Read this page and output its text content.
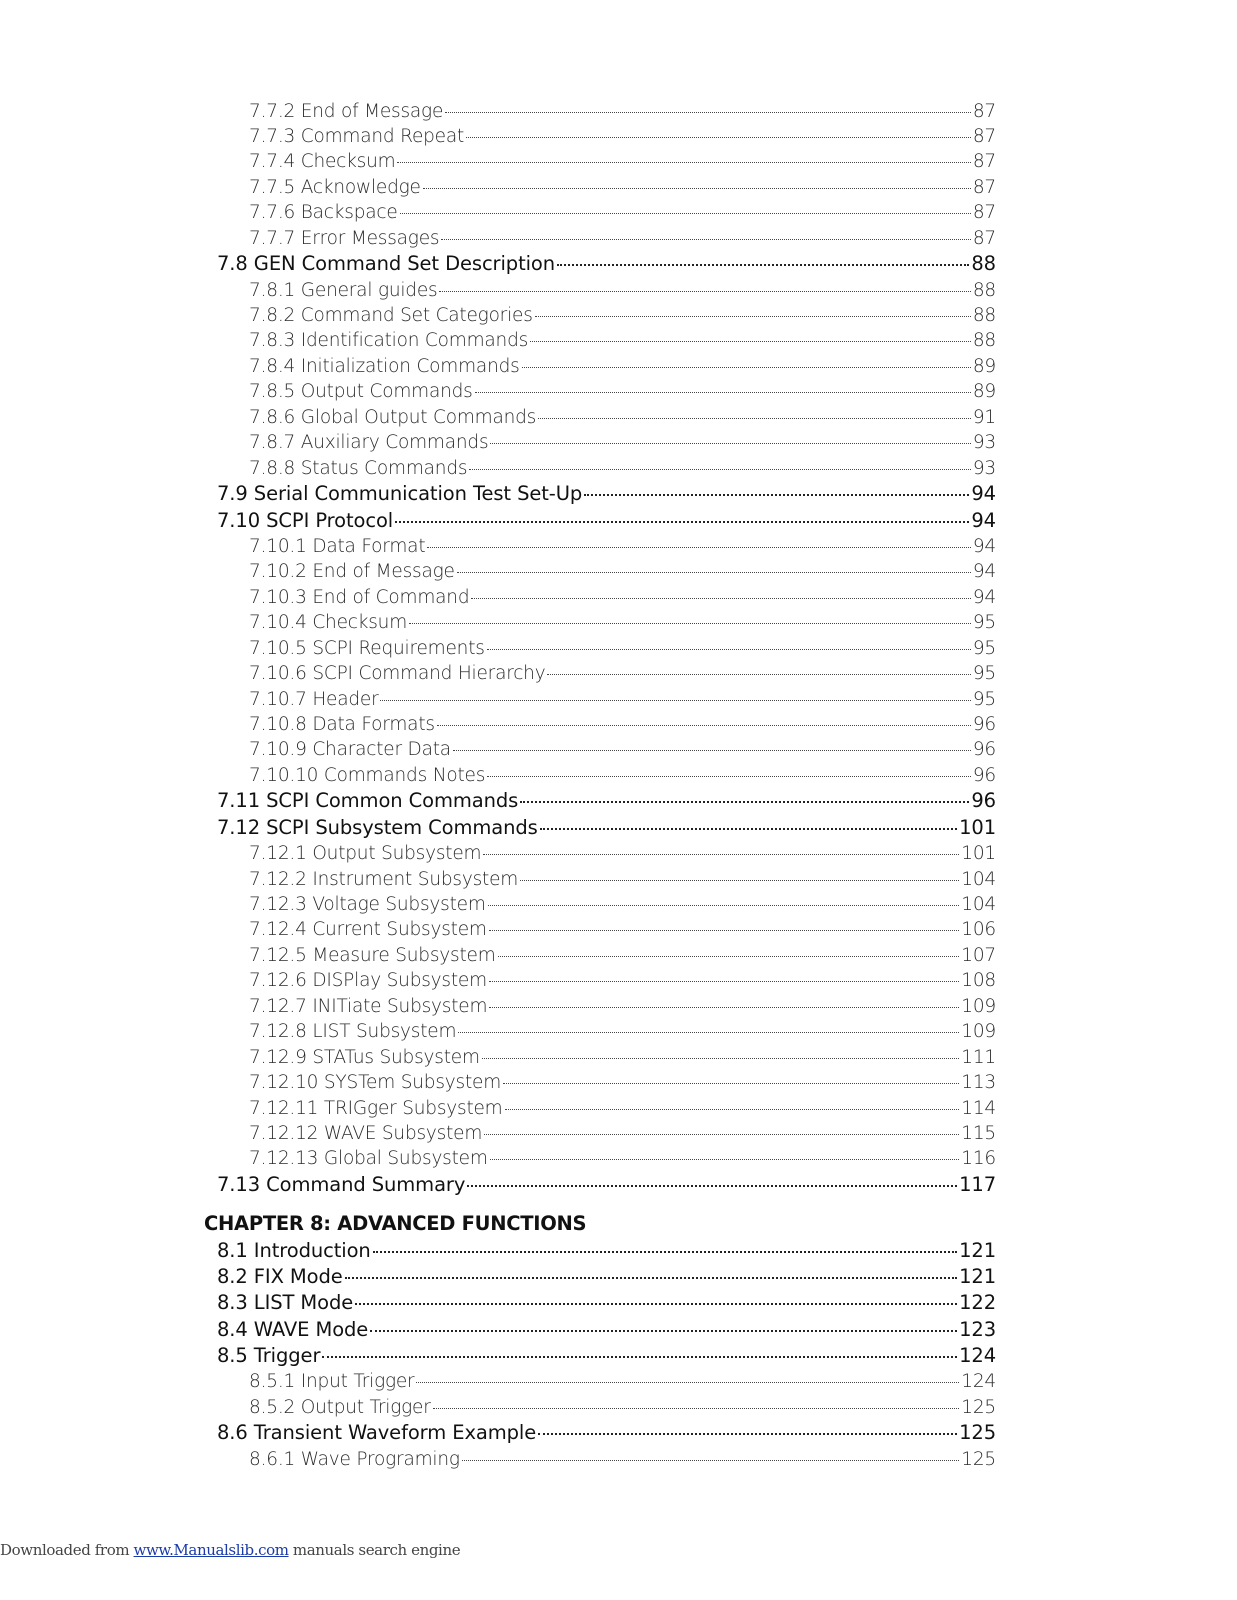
7.7.2 End of Message	87
7.7.3 Command Repeat	87
7.7.4 Checksum	87
7.7.5 Acknowledge	87
7.7.6 Backspace	87
7.7.7 Error Messages	87
7.8 GEN Command Set Description	88
7.8.1 General guides	88
7.8.2 Command Set Categories	88
7.8.3 Identification Commands	88
7.8.4 Initialization Commands	89
7.8.5 Output Commands	89
7.8.6 Global Output Commands	91
7.8.7 Auxiliary Commands	93
7.8.8 Status Commands	93
7.9 Serial Communication Test Set-Up	94
7.10 SCPI Protocol	94
7.10.1 Data Format	94
7.10.2 End of Message	94
7.10.3 End of Command	94
7.10.4 Checksum	95
7.10.5 SCPI Requirements	95
7.10.6 SCPI Command Hierarchy	95
7.10.7 Header	95
7.10.8 Data Formats	96
7.10.9 Character Data	96
7.10.10 Commands Notes	96
7.11 SCPI Common Commands	96
7.12 SCPI Subsystem Commands	101
7.12.1 Output Subsystem	101
7.12.2 Instrument Subsystem	104
7.12.3 Voltage Subsystem	104
7.12.4 Current Subsystem	106
7.12.5 Measure Subsystem	107
7.12.6 DISPlay Subsystem	108
7.12.7 INITiate Subsystem	109
7.12.8 LIST Subsystem	109
7.12.9 STATus Subsystem	111
7.12.10 SYSTem Subsystem	113
7.12.11 TRIGger Subsystem	114
7.12.12 WAVE Subsystem	115
7.12.13 Global Subsystem	116
7.13 Command Summary	117
8.1 Introduction	121
8.2 FIX Mode	121
8.3 LIST Mode	122
8.4 WAVE Mode	123
8.5 Trigger	124
8.5.1 Input Trigger	124
8.5.2 Output Trigger	125
8.6 Transient Waveform Example	125
8.6.1 Wave Programing	125
Downloaded from www.Manualslib.com manuals search engine
CHAPTER 8: ADVANCED FUNCTIONS
